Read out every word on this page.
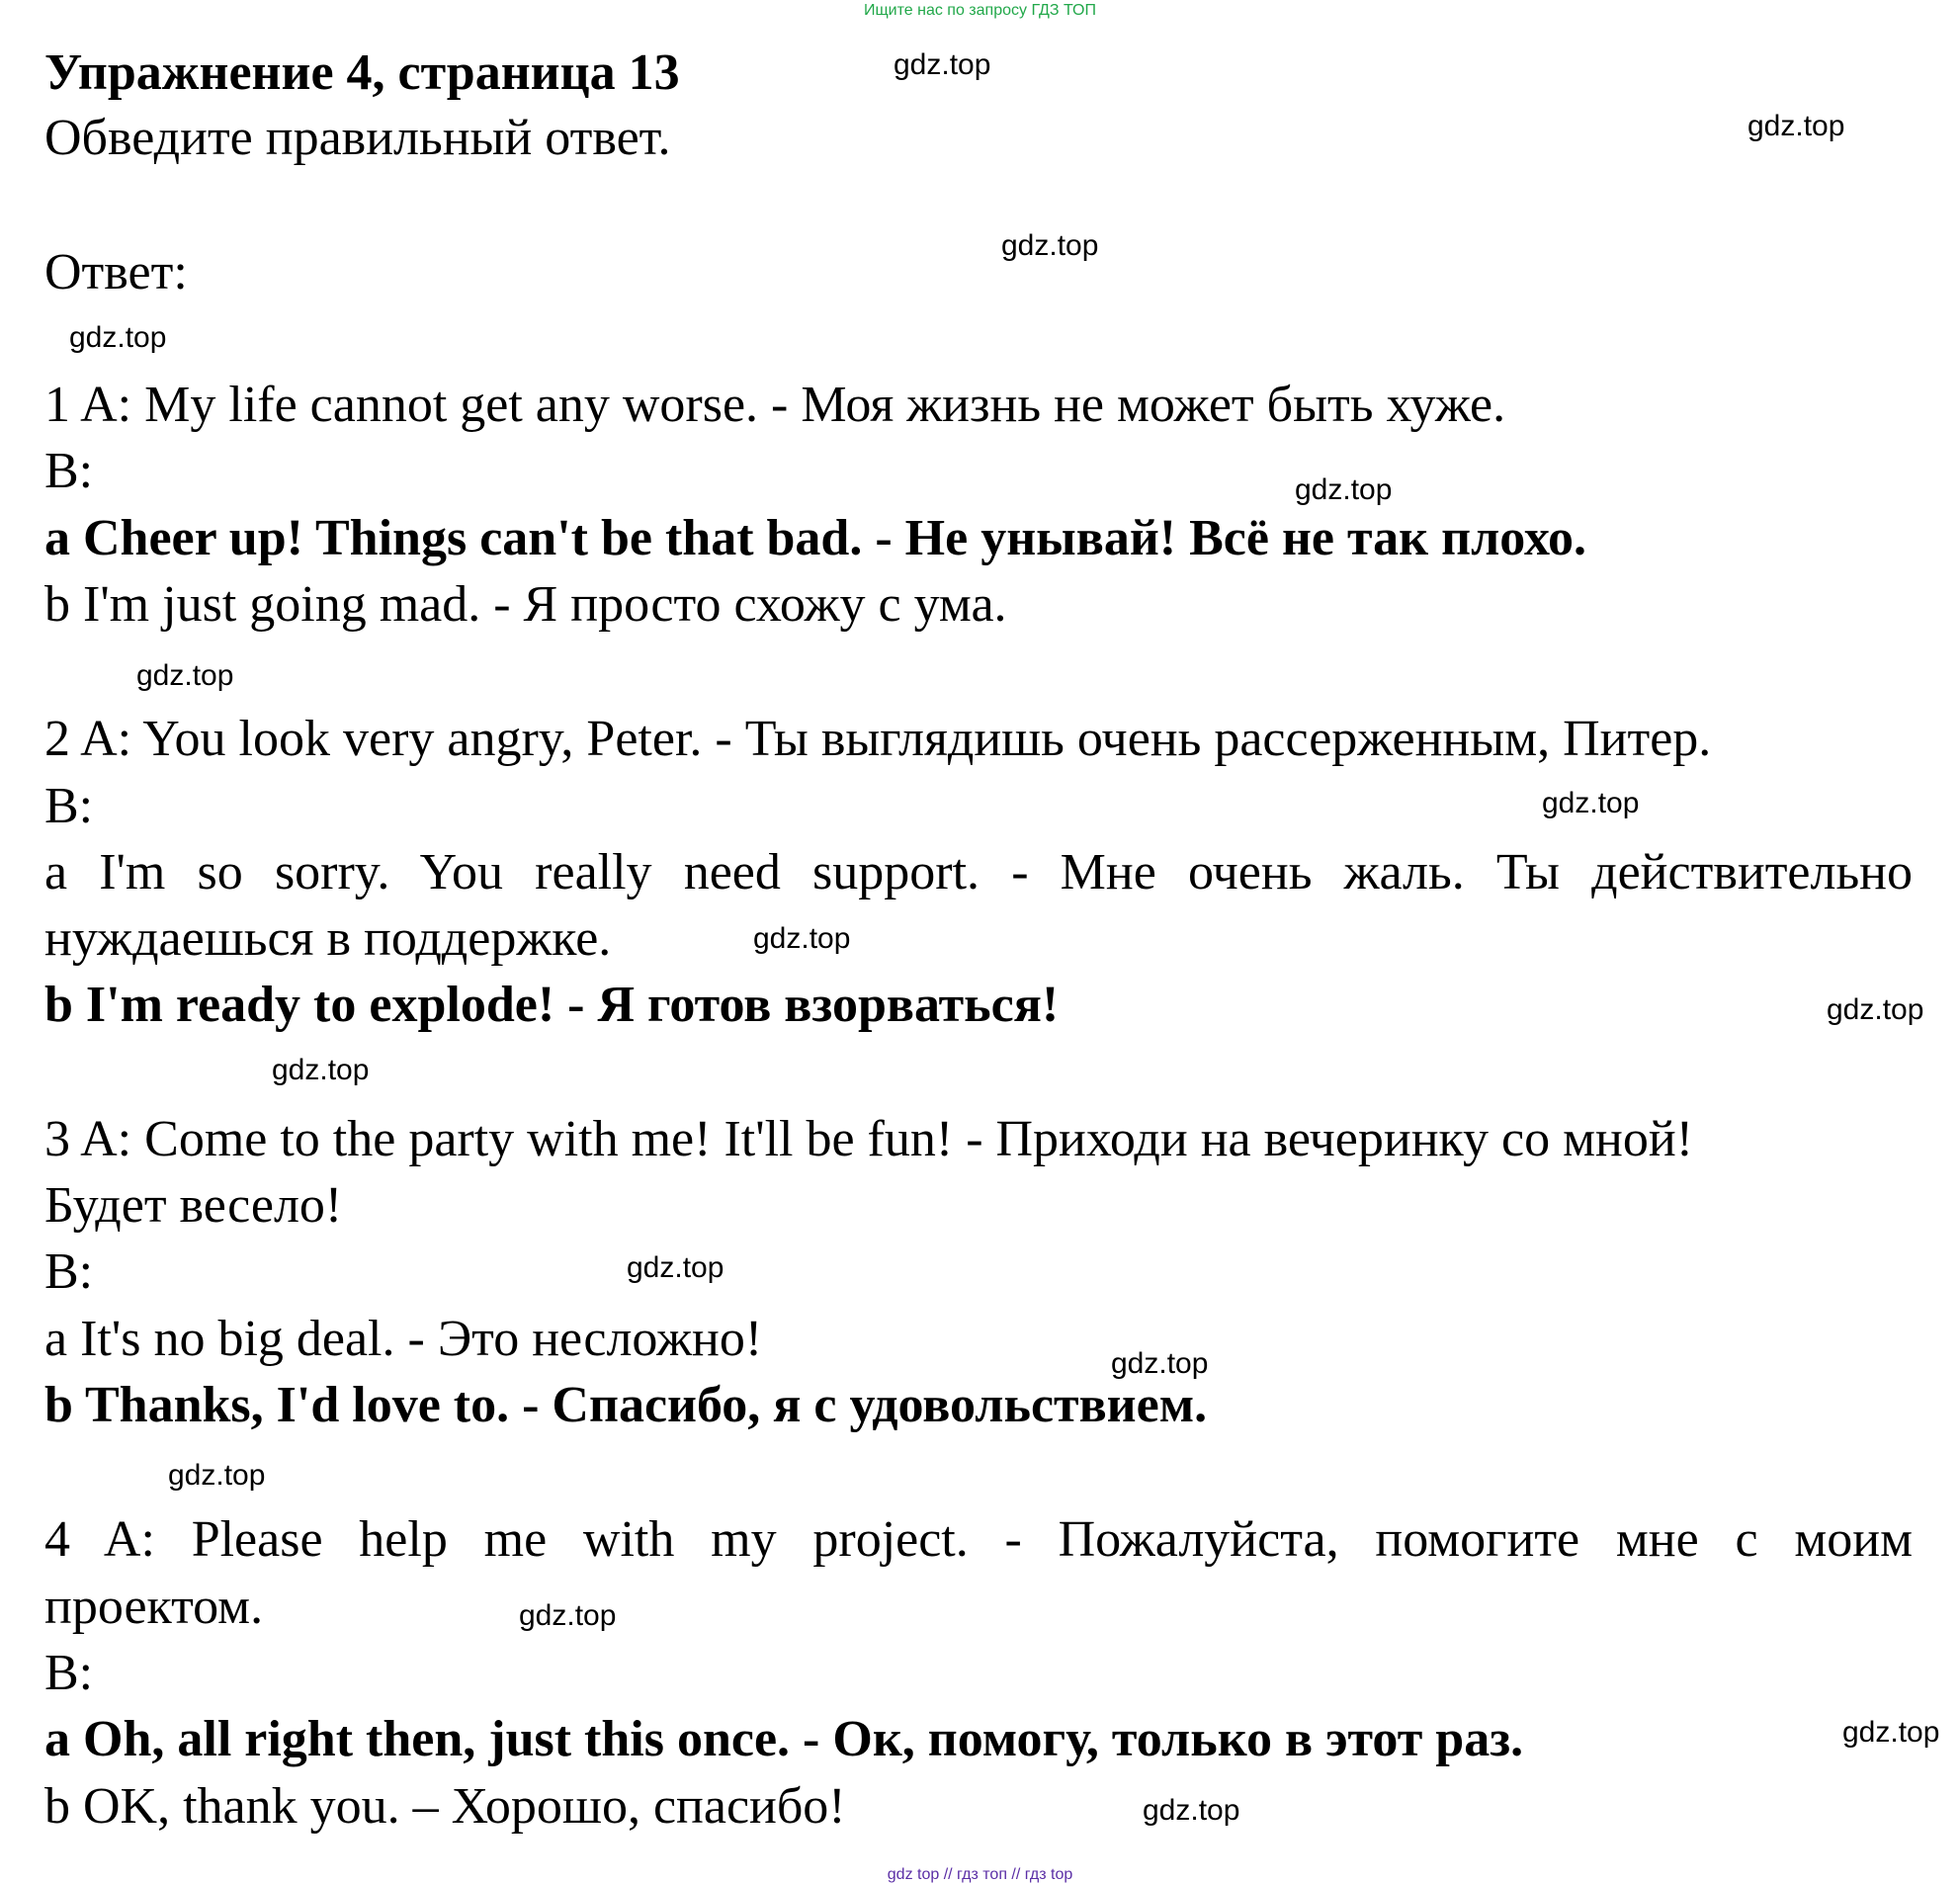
Ищите нас по запросу ГДЗ ТОП
Упражнение 4, страница 13
Обведите правильный ответ.
Ответ:
1 A: My life cannot get any worse. - Моя жизнь не может быть хуже.
B:
a Cheer up! Things can't be that bad. - Не унывай! Всё не так плохо.
b I'm just going mad. - Я просто схожу с ума.
2 A: You look very angry, Peter. - Ты выглядишь очень рассерженным, Питер.
B:
a I'm so sorry. You really need support. - Мне очень жаль. Ты действительно
нуждаешься в поддержке.
b I'm ready to explode! - Я готов взорваться!
3 A: Come to the party with me! It'll be fun! - Приходи на вечеринку со мной!
Будет весело!
B:
a It's no big deal. - Это несложно!
b Thanks, I'd love to. - Спасибо, я с удовольствием.
4 A: Please help me with my project. - Пожалуйста, помогите мне с моим
проектом.
B:
a Oh, all right then, just this once. - Ок, помогу, только в этот раз.
b OK, thank you. – Хорошо, спасибо!
gdz.top
gdz.top
gdz.top
gdz.top
gdz.top
gdz.top
gdz.top
gdz.top
gdz.top
gdz.top
gdz.top
gdz.top
gdz.top
gdz.top
gdz.top
gdz.top
gdz top // гдз топ // гдз top
